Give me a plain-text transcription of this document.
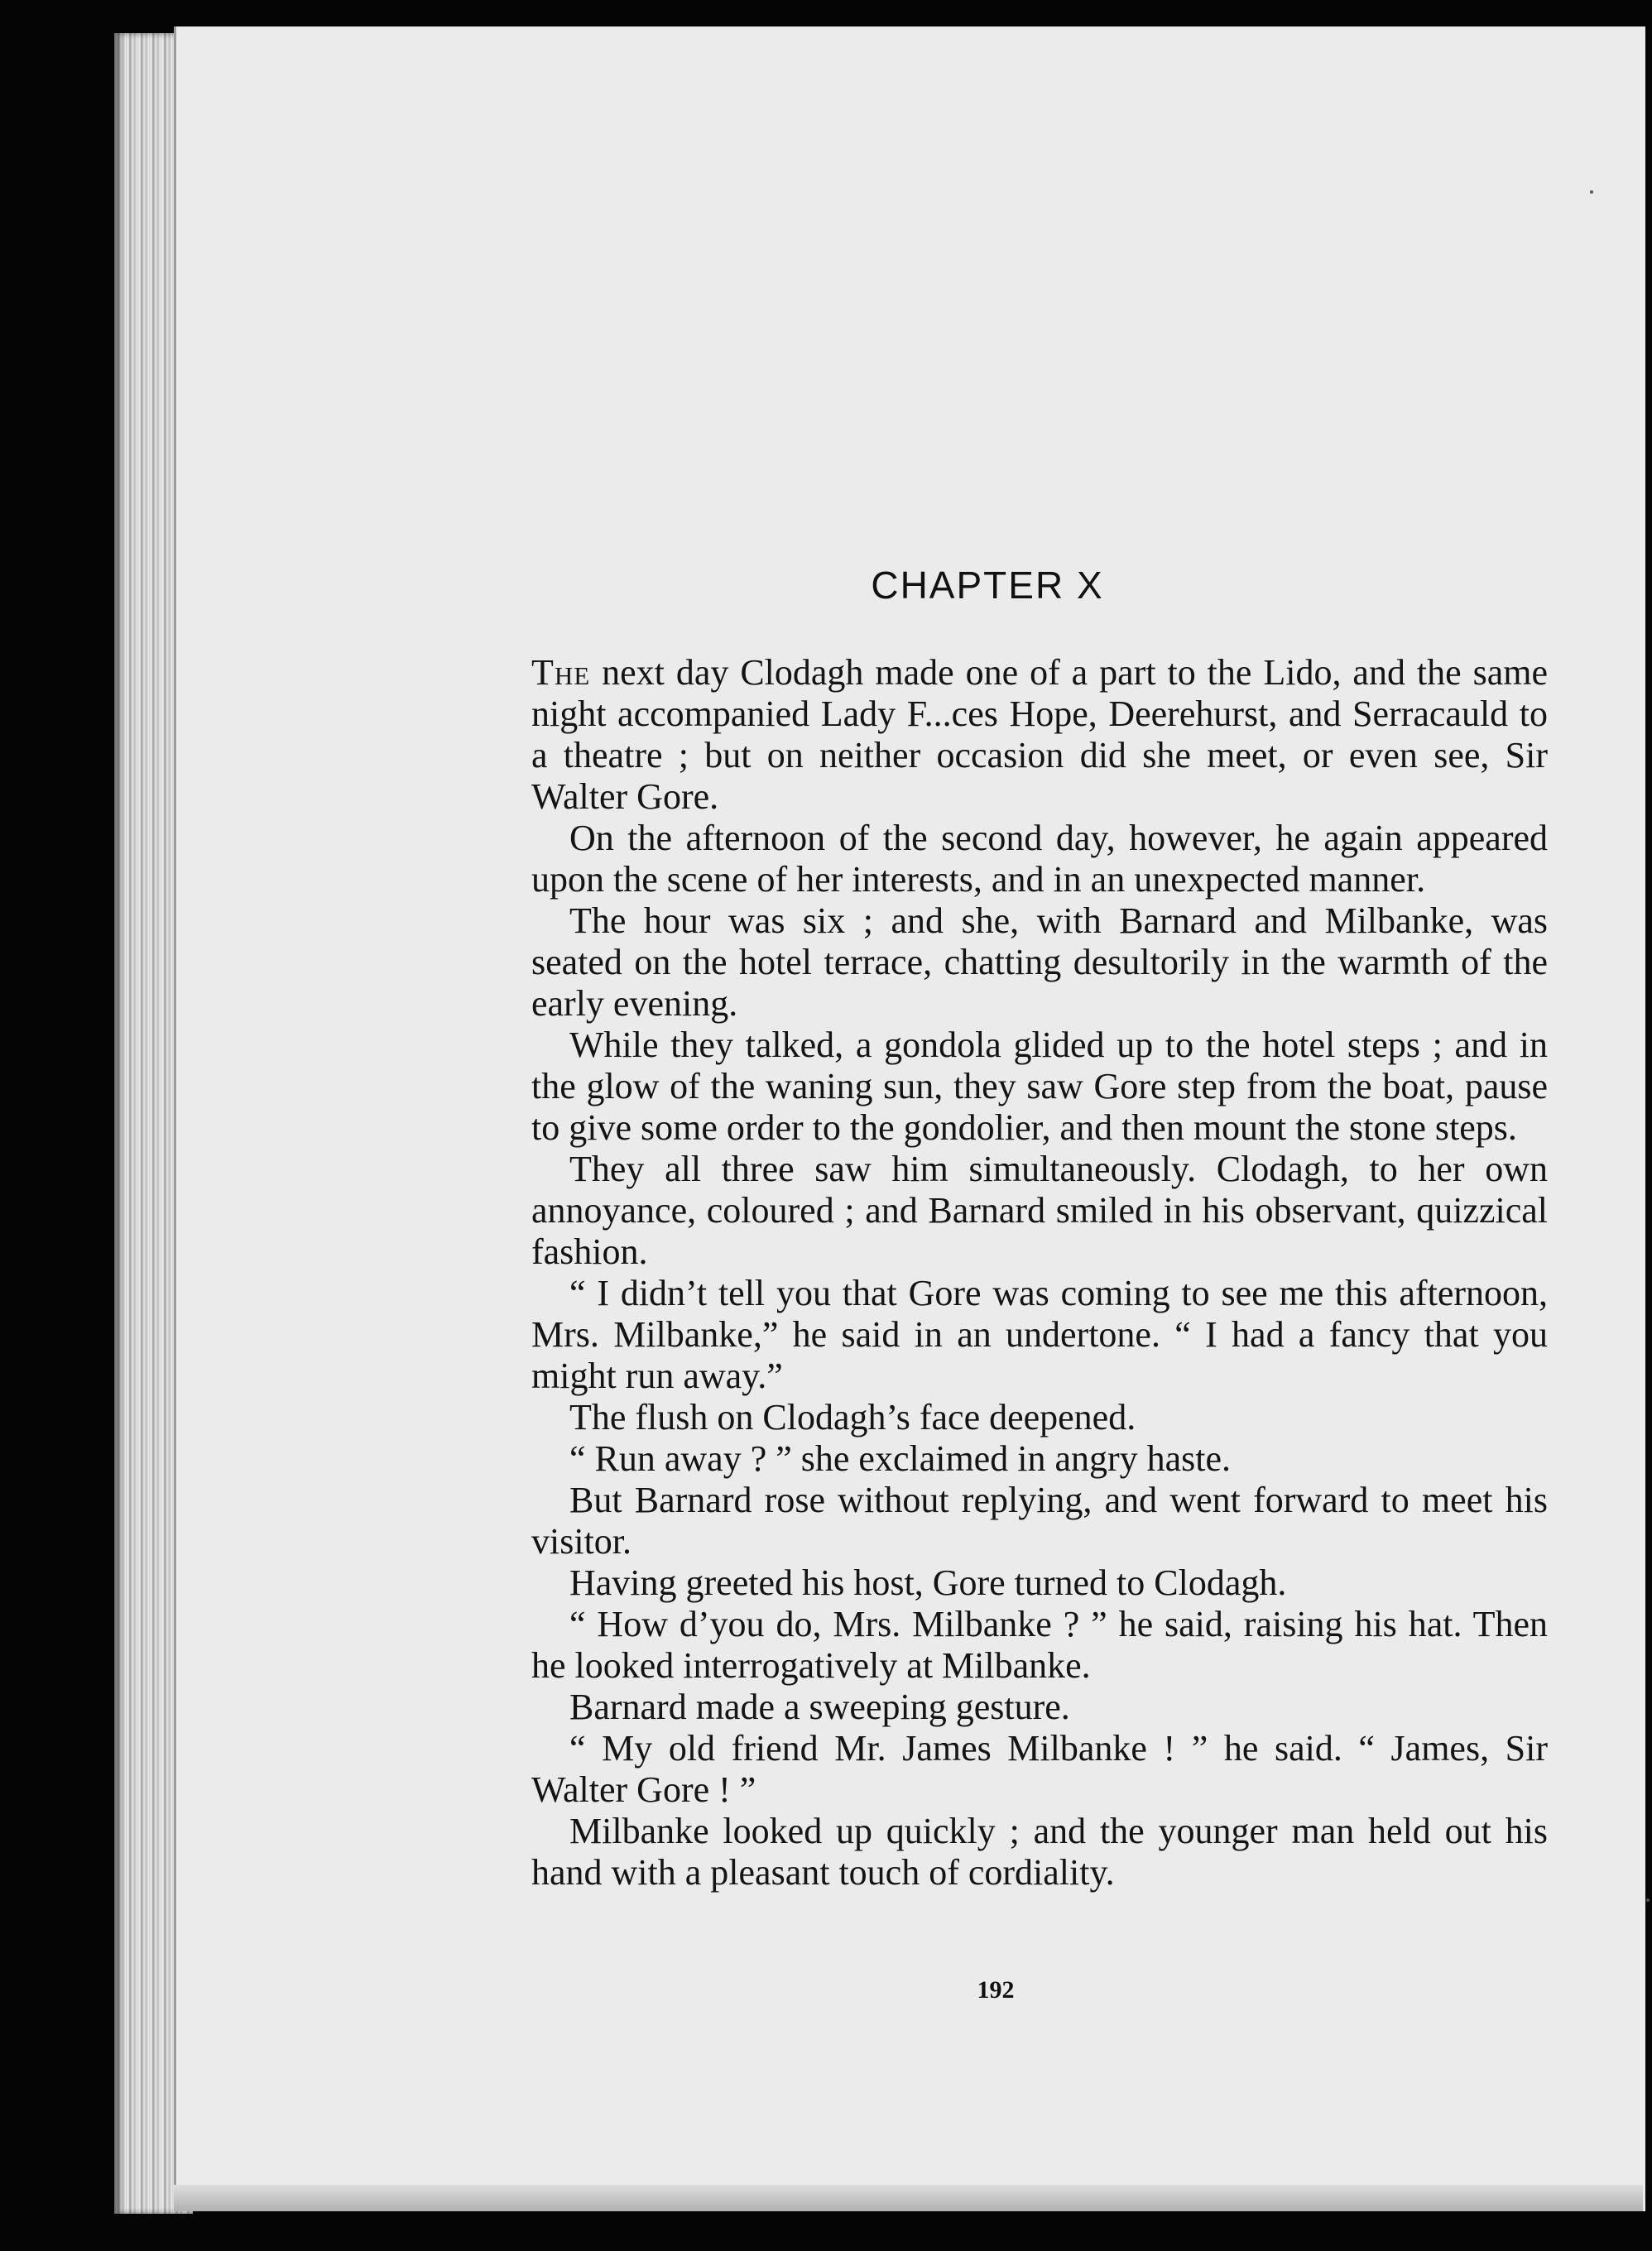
CHAPTER X

The next day Clodagh made one of a part to the Lido, and the same night accompanied Lady F...ces Hope, Deerehurst, and Serracauld to a theatre ; but on neither occasion did she meet, or even see, Sir Walter Gore.

On the afternoon of the second day, however, he again appeared upon the scene of her interests, and in an unexpected manner.

The hour was six ; and she, with Barnard and Milbanke, was seated on the hotel terrace, chatting desultorily in the warmth of the early evening.

While they talked, a gondola glided up to the hotel steps ; and in the glow of the waning sun, they saw Gore step from the boat, pause to give some order to the gondolier, and then mount the stone steps.

They all three saw him simultaneously. Clodagh, to her own annoyance, coloured ; and Barnard smiled in his observant, quizzical fashion.

“ I didn’t tell you that Gore was coming to see me this afternoon, Mrs. Milbanke,” he said in an undertone. “ I had a fancy that you might run away.”

The flush on Clodagh’s face deepened.

“ Run away ? ” she exclaimed in angry haste.

But Barnard rose without replying, and went forward to meet his visitor.

Having greeted his host, Gore turned to Clodagh.

“ How d’you do, Mrs. Milbanke ? ” he said, raising his hat. Then he looked interrogatively at Milbanke.

Barnard made a sweeping gesture.

“ My old friend Mr. James Milbanke ! ” he said. “ James, Sir Walter Gore ! ”

Milbanke looked up quickly ; and the younger man held out his hand with a pleasant touch of cordiality.

192
